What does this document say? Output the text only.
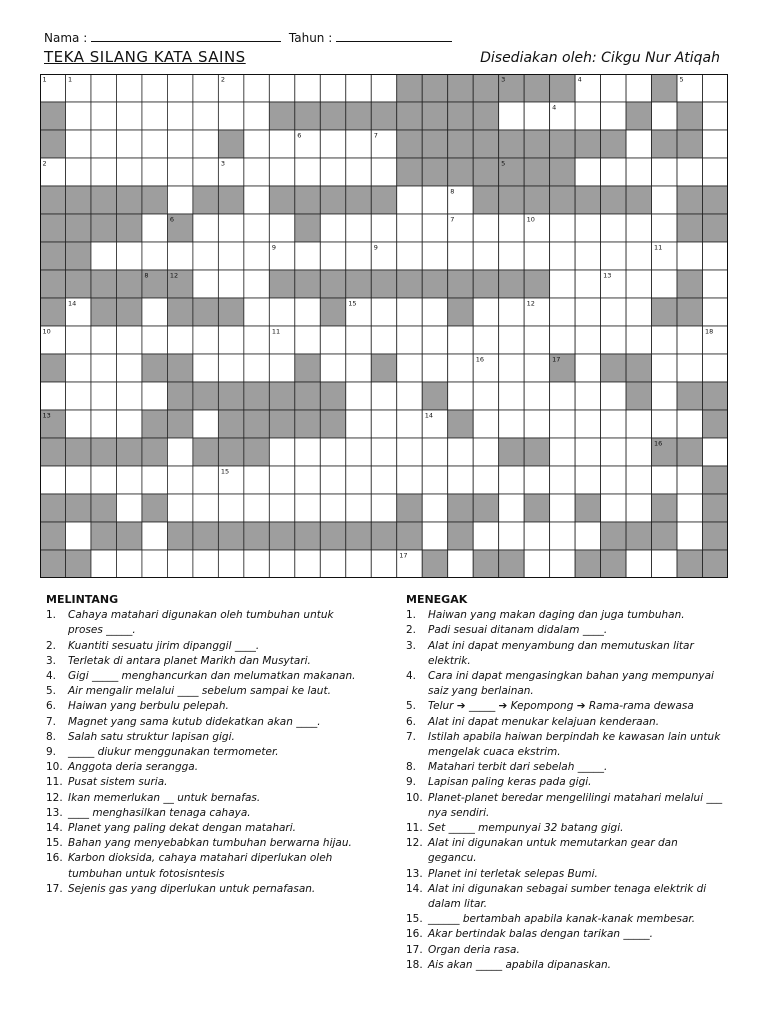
Nama :	Tahun :
TEKA SILANG KATA SAINS	Disediakan oleh: Cikgu Nur Atiqah
1	1	2	3	4	5
4
6	7
2	3	5
8
6	7	10
9	9	11
8	12	13
14	15	12
10	11	18
16	17
13	14
16
15
17
MELINTANG
1. Cahaya matahari digunakan oleh tumbuhan untuk proses _____.
2. Kuantiti sesuatu jirim dipanggil ____.
3. Terletak di antara planet Marikh dan Musytari.
4. Gigi _____ menghancurkan dan melumatkan makanan.
5. Air mengalir melalui ____ sebelum sampai ke laut.
6. Haiwan yang berbulu pelepah.
7. Magnet yang sama kutub didekatkan akan ____.
8. Salah satu struktur lapisan gigi.
9. _____ diukur menggunakan termometer.
10. Anggota deria serangga.
11. Pusat sistem suria.
12. Ikan memerlukan __ untuk bernafas.
13. ____ menghasilkan tenaga cahaya.
14. Planet yang paling dekat dengan matahari.
15. Bahan yang menyebabkan tumbuhan berwarna hijau.
16. Karbon dioksida, cahaya matahari diperlukan oleh tumbuhan untuk fotosisntesis
17. Sejenis gas yang diperlukan untuk pernafasan.
MENEGAK
1. Haiwan yang makan daging dan juga tumbuhan.
2. Padi sesuai ditanam didalam ____.
3. Alat ini dapat menyambung dan memutuskan litar elektrik.
4. Cara ini dapat mengasingkan bahan yang mempunyai saiz yang berlainan.
5. Telur ➔ _____ ➔ Kepompong ➔ Rama-rama dewasa
6. Alat ini dapat menukar kelajuan kenderaan.
7. Istilah apabila haiwan berpindah ke kawasan lain untuk mengelak cuaca ekstrim.
8. Matahari terbit dari sebelah _____.
9. Lapisan paling keras pada gigi.
10. Planet-planet beredar mengelilingi matahari melalui ___ nya sendiri.
11. Set _____ mempunyai 32 batang gigi.
12. Alat ini digunakan untuk memutarkan gear dan gegancu.
13. Planet ini terletak selepas Bumi.
14. Alat ini digunakan sebagai sumber tenaga elektrik di dalam litar.
15. ______ bertambah apabila kanak-kanak membesar.
16. Akar bertindak balas dengan tarikan _____.
17. Organ deria rasa.
18. Ais akan _____ apabila dipanaskan.
